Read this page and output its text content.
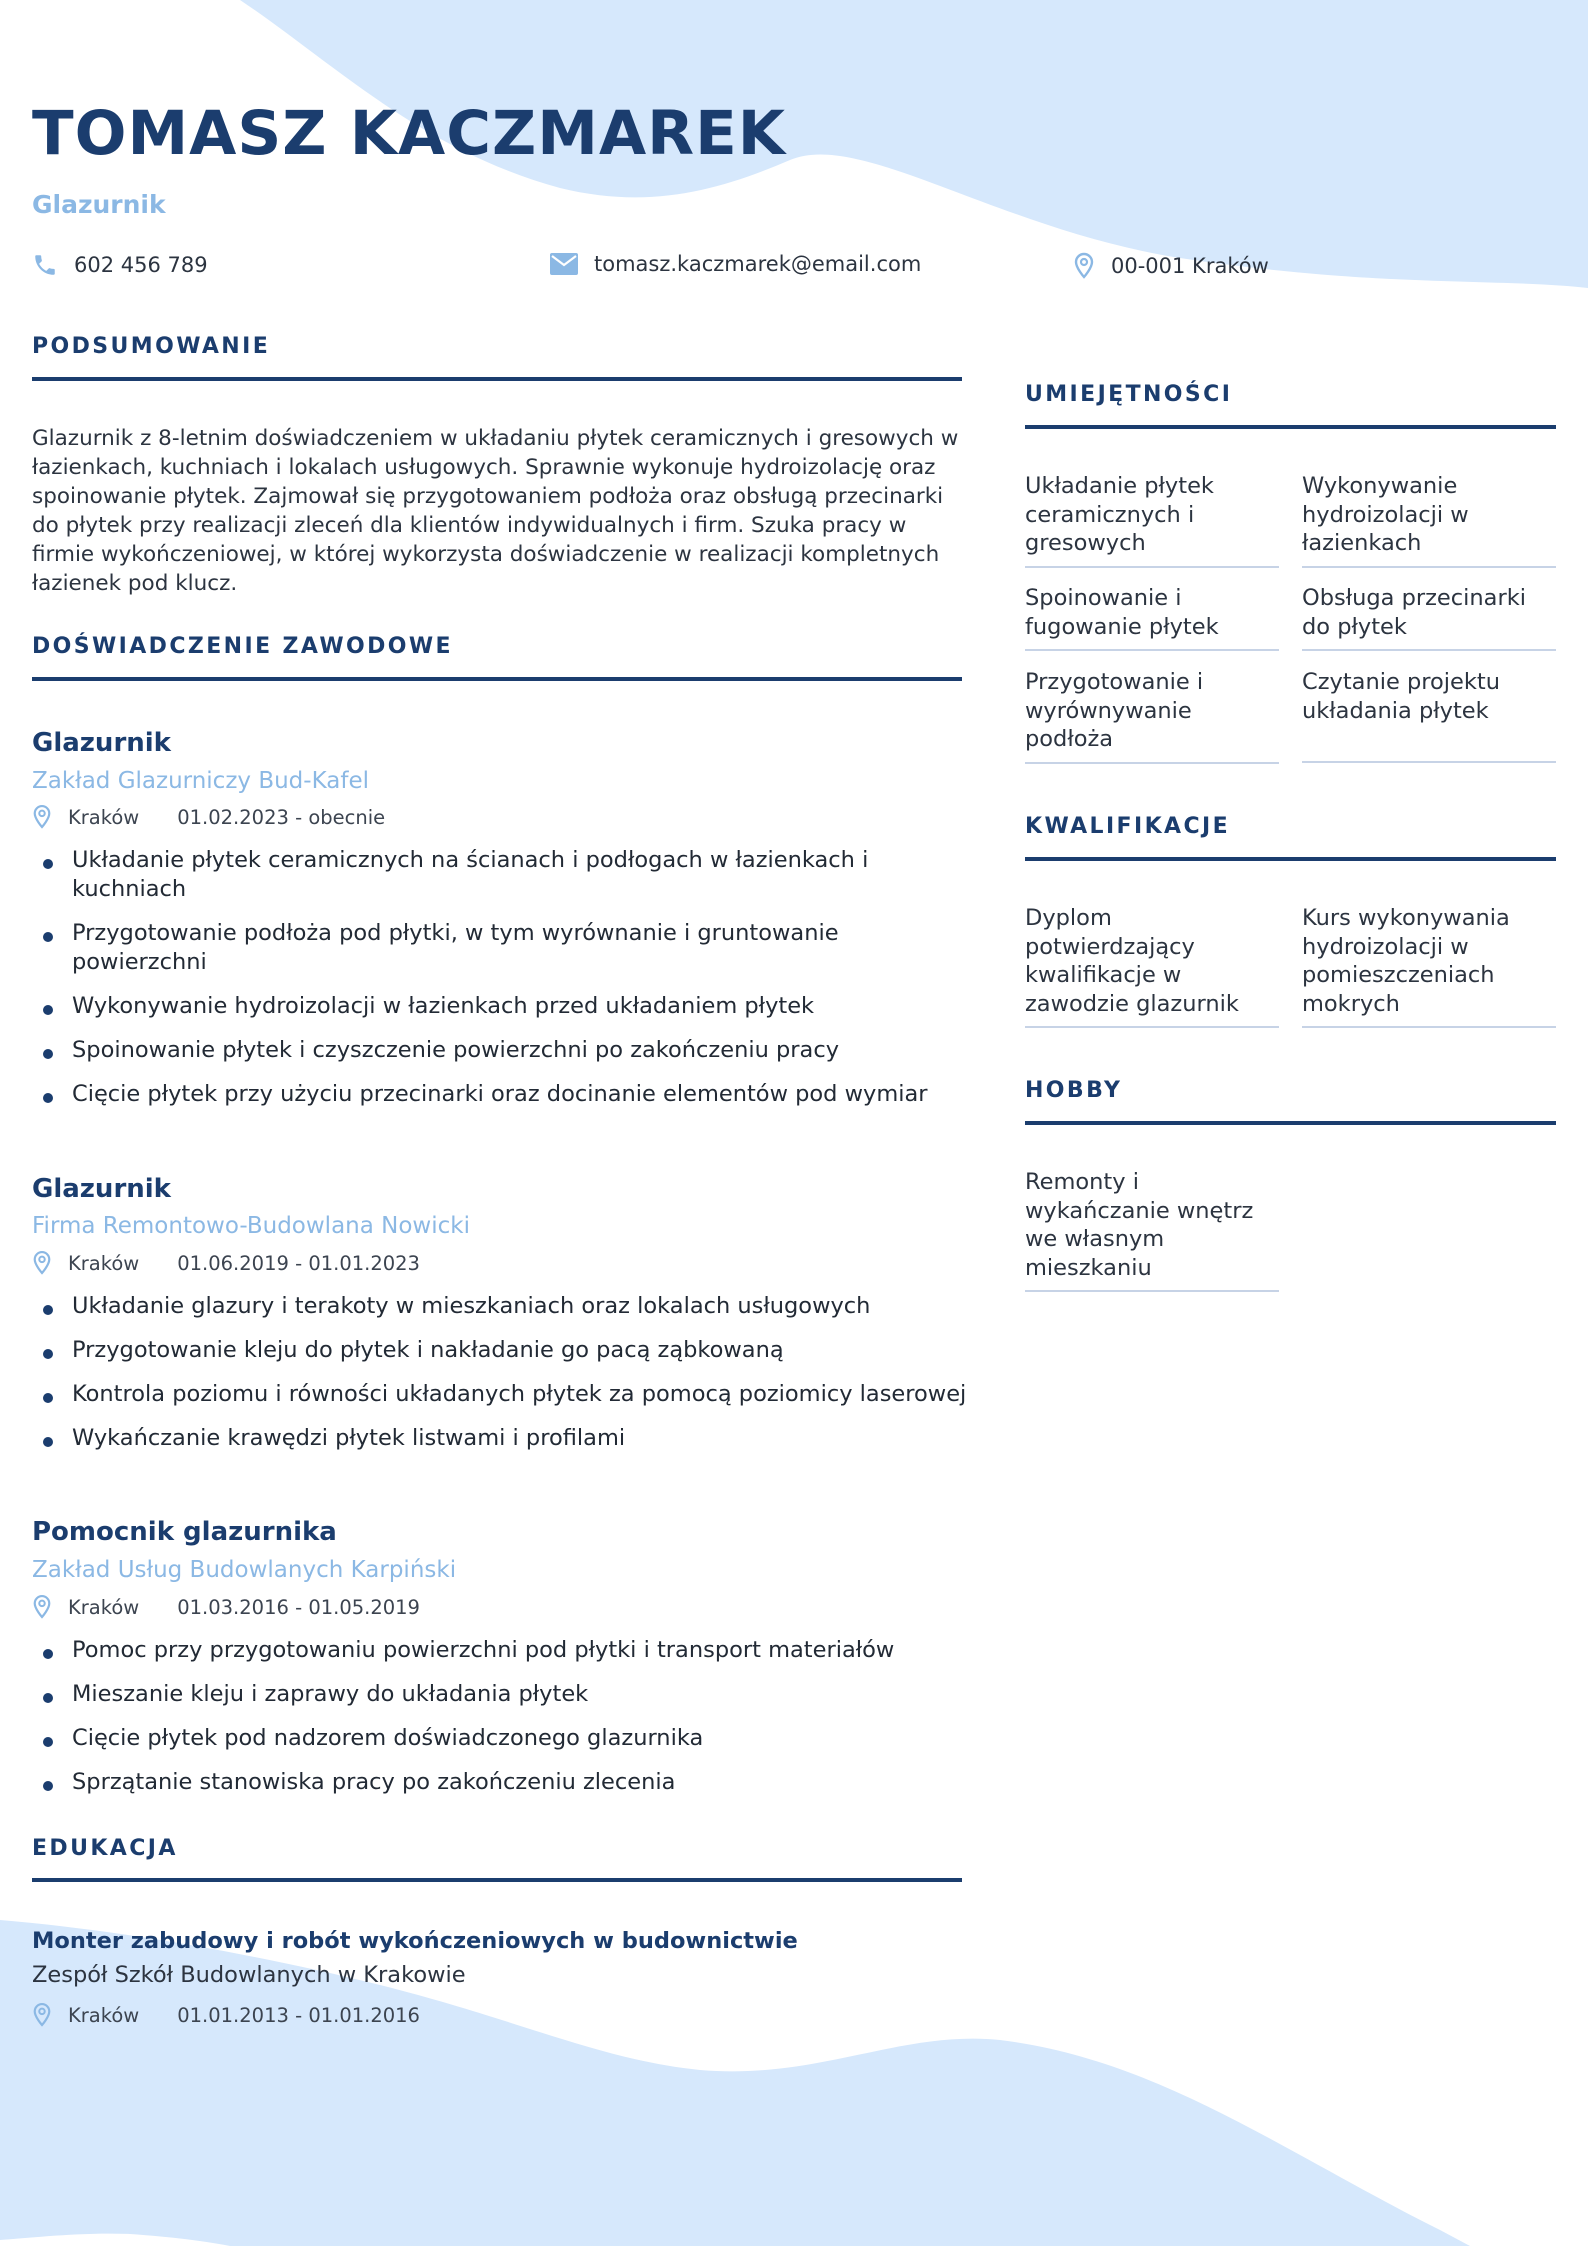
TOMASZ KACZMAREK
Glazurnik
602 456 789	tomasz.kaczmarek@email.com	00-001 Kraków
PODSUMOWANIE

Glazurnik z 8-letnim doświadczeniem w układaniu płytek ceramicznych i gresowych w łazienkach, kuchniach i lokalach usługowych. Sprawnie wykonuje hydroizolację oraz spoinowanie płytek. Zajmował się przygotowaniem podłoża oraz obsługą przecinarki do płytek przy realizacji zleceń dla klientów indywidualnych i firm. Szuka pracy w firmie wykończeniowej, w której wykorzysta doświadczenie w realizacji kompletnych łazienek pod klucz.

DOŚWIADCZENIE ZAWODOWE
Glazurnik
Zakład Glazurniczy Bud-Kafel
Kraków 01.02.2023 - obecnie
Układanie płytek ceramicznych na ścianach i podłogach w łazienkach i kuchniach
Przygotowanie podłoża pod płytki, w tym wyrównanie i gruntowanie powierzchni
Wykonywanie hydroizolacji w łazienkach przed układaniem płytek
Spoinowanie płytek i czyszczenie powierzchni po zakończeniu pracy
Cięcie płytek przy użyciu przecinarki oraz docinanie elementów pod wymiar
Glazurnik
Firma Remontowo-Budowlana Nowicki
Kraków 01.06.2019 - 01.01.2023
Układanie glazury i terakoty w mieszkaniach oraz lokalach usługowych
Przygotowanie kleju do płytek i nakładanie go pacą ząbkowaną
Kontrola poziomu i równości układanych płytek za pomocą poziomicy laserowej
Wykańczanie krawędzi płytek listwami i profilami
Pomocnik glazurnika
Zakład Usług Budowlanych Karpiński
Kraków 01.03.2016 - 01.05.2019
Pomoc przy przygotowaniu powierzchni pod płytki i transport materiałów
Mieszanie kleju i zaprawy do układania płytek
Cięcie płytek pod nadzorem doświadczonego glazurnika
Sprzątanie stanowiska pracy po zakończeniu zlecenia
EDUKACJA
Monter zabudowy i robót wykończeniowych w budownictwie
Zespół Szkół Budowlanych w Krakowie
Kraków 01.01.2013 - 01.01.2016
UMIEJĘTNOŚCI
Układanie płytek ceramicznych i gresowych
Wykonywanie hydroizolacji w łazienkach
Spoinowanie i fugowanie płytek
Obsługa przecinarki do płytek
Przygotowanie i wyrównywanie podłoża
Czytanie projektu układania płytek
KWALIFIKACJE
Dyplom potwierdzający kwalifikacje w zawodzie glazurnik
Kurs wykonywania hydroizolacji w pomieszczeniach mokrych
HOBBY
Remonty i wykańczanie wnętrz we własnym mieszkaniu
